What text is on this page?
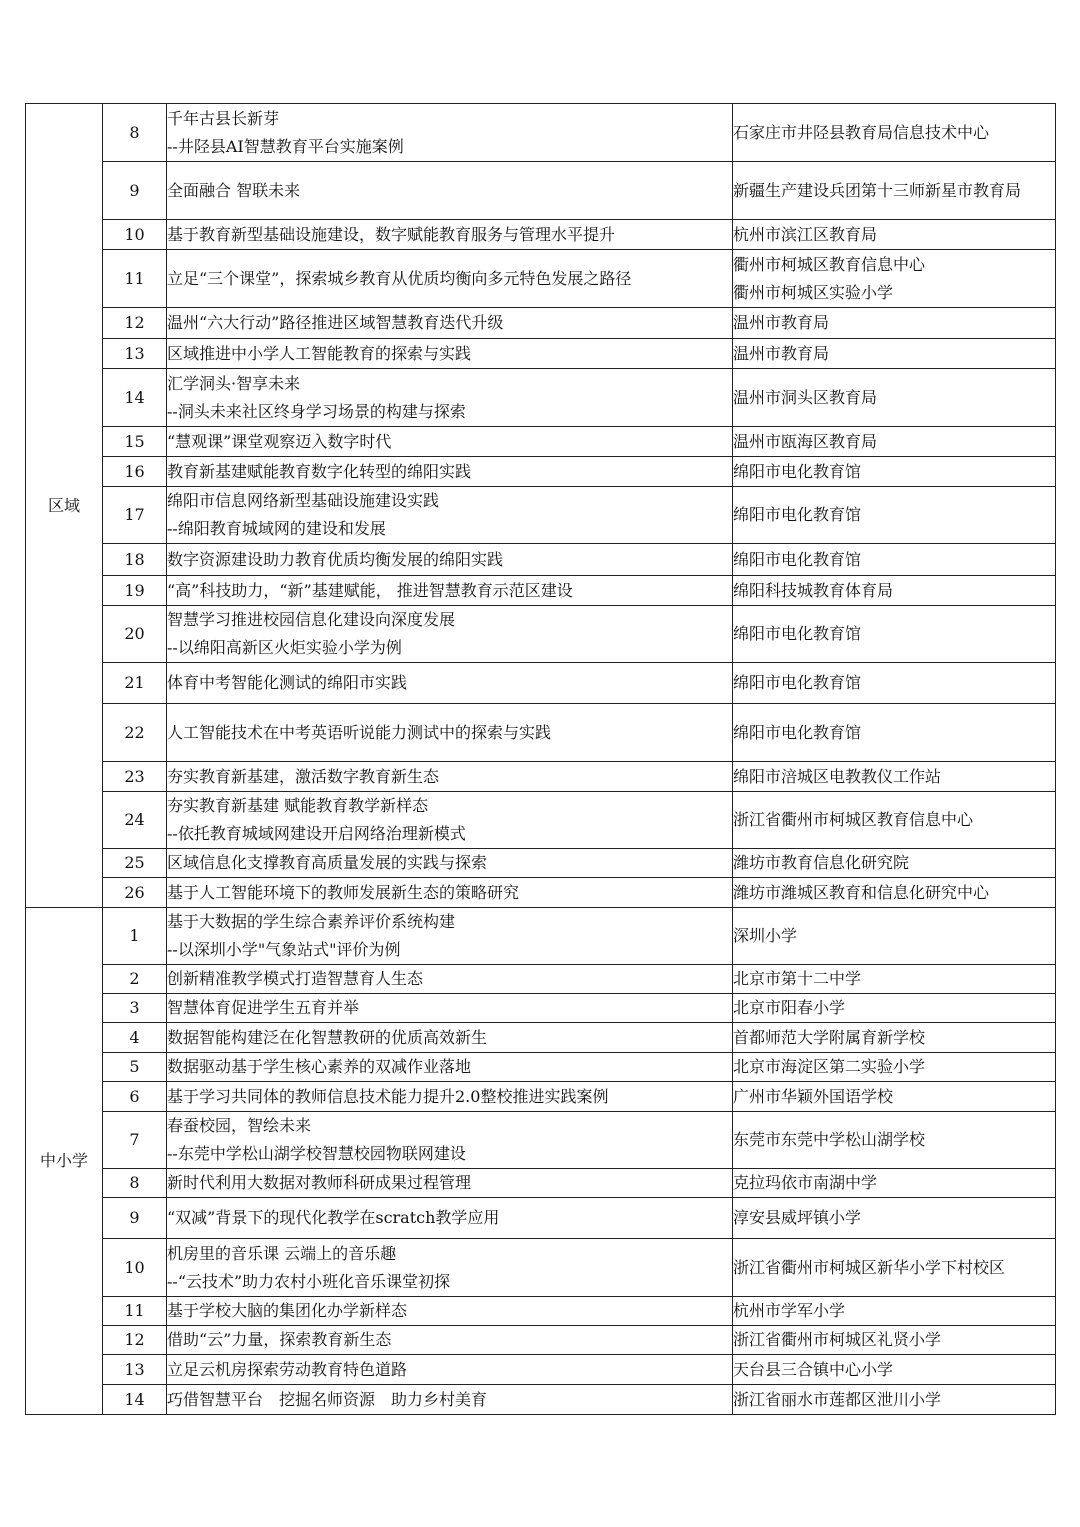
区域	8	千年古县长新芽
--井陉县AI智慧教育平台实施案例	石家庄市井陉县教育局信息技术中心

	9	全面融合 智联未来	新疆生产建设兵团第十三师新星市教育局

	10	基于教育新型基础设施建设，数字赋能教育服务与管理水平提升	杭州市滨江区教育局

	11	立足“三个课堂”，探索城乡教育从优质均衡向多元特色发展之路径	衢州市柯城区教育信息中心
衢州市柯城区实验小学

	12	温州“六大行动”路径推进区域智慧教育迭代升级	温州市教育局

	13	区域推进中小学人工智能教育的探索与实践	温州市教育局

	14	汇学洞头·智享未来
--洞头未来社区终身学习场景的构建与探索	温州市洞头区教育局

	15	“慧观课”课堂观察迈入数字时代	温州市瓯海区教育局

	16	教育新基建赋能教育数字化转型的绵阳实践	绵阳市电化教育馆

	17	绵阳市信息网络新型基础设施建设实践
--绵阳教育城域网的建设和发展	绵阳市电化教育馆

	18	数字资源建设助力教育优质均衡发展的绵阳实践	绵阳市电化教育馆

	19	“高”科技助力，“新”基建赋能， 推进智慧教育示范区建设	绵阳科技城教育体育局

	20	智慧学习推进校园信息化建设向深度发展
--以绵阳高新区火炬实验小学为例	绵阳市电化教育馆

	21	体育中考智能化测试的绵阳市实践	绵阳市电化教育馆

	22	人工智能技术在中考英语听说能力测试中的探索与实践	绵阳市电化教育馆

	23	夯实教育新基建，激活数字教育新生态	绵阳市涪城区电教教仪工作站

	24	夯实教育新基建 赋能教育教学新样态
--依托教育城域网建设开启网络治理新模式	浙江省衢州市柯城区教育信息中心

	25	区域信息化支撑教育高质量发展的实践与探索	潍坊市教育信息化研究院

	26	基于人工智能环境下的教师发展新生态的策略研究	潍坊市潍城区教育和信息化研究中心

中小学	1	基于大数据的学生综合素养评价系统构建
--以深圳小学"气象站式"评价为例	深圳小学

	2	创新精准教学模式打造智慧育人生态	北京市第十二中学

	3	智慧体育促进学生五育并举	北京市阳春小学

	4	数据智能构建泛在化智慧教研的优质高效新生	首都师范大学附属育新学校

	5	数据驱动基于学生核心素养的双减作业落地	北京市海淀区第二实验小学

	6	基于学习共同体的教师信息技术能力提升2.0整校推进实践案例	广州市华颖外国语学校

	7	春蚕校园，智绘未来
--东莞中学松山湖学校智慧校园物联网建设	东莞市东莞中学松山湖学校

	8	新时代利用大数据对教师科研成果过程管理	克拉玛依市南湖中学

	9	“双减”背景下的现代化教学在scratch教学应用	淳安县威坪镇小学

	10	机房里的音乐课 云端上的音乐趣
--“云技术”助力农村小班化音乐课堂初探	浙江省衢州市柯城区新华小学下村校区

	11	基于学校大脑的集团化办学新样态	杭州市学军小学

	12	借助“云”力量，探索教育新生态	浙江省衢州市柯城区礼贤小学

	13	立足云机房探索劳动教育特色道路	天台县三合镇中心小学

	14	巧借智慧平台　挖掘名师资源　助力乡村美育	浙江省丽水市莲都区泄川小学
